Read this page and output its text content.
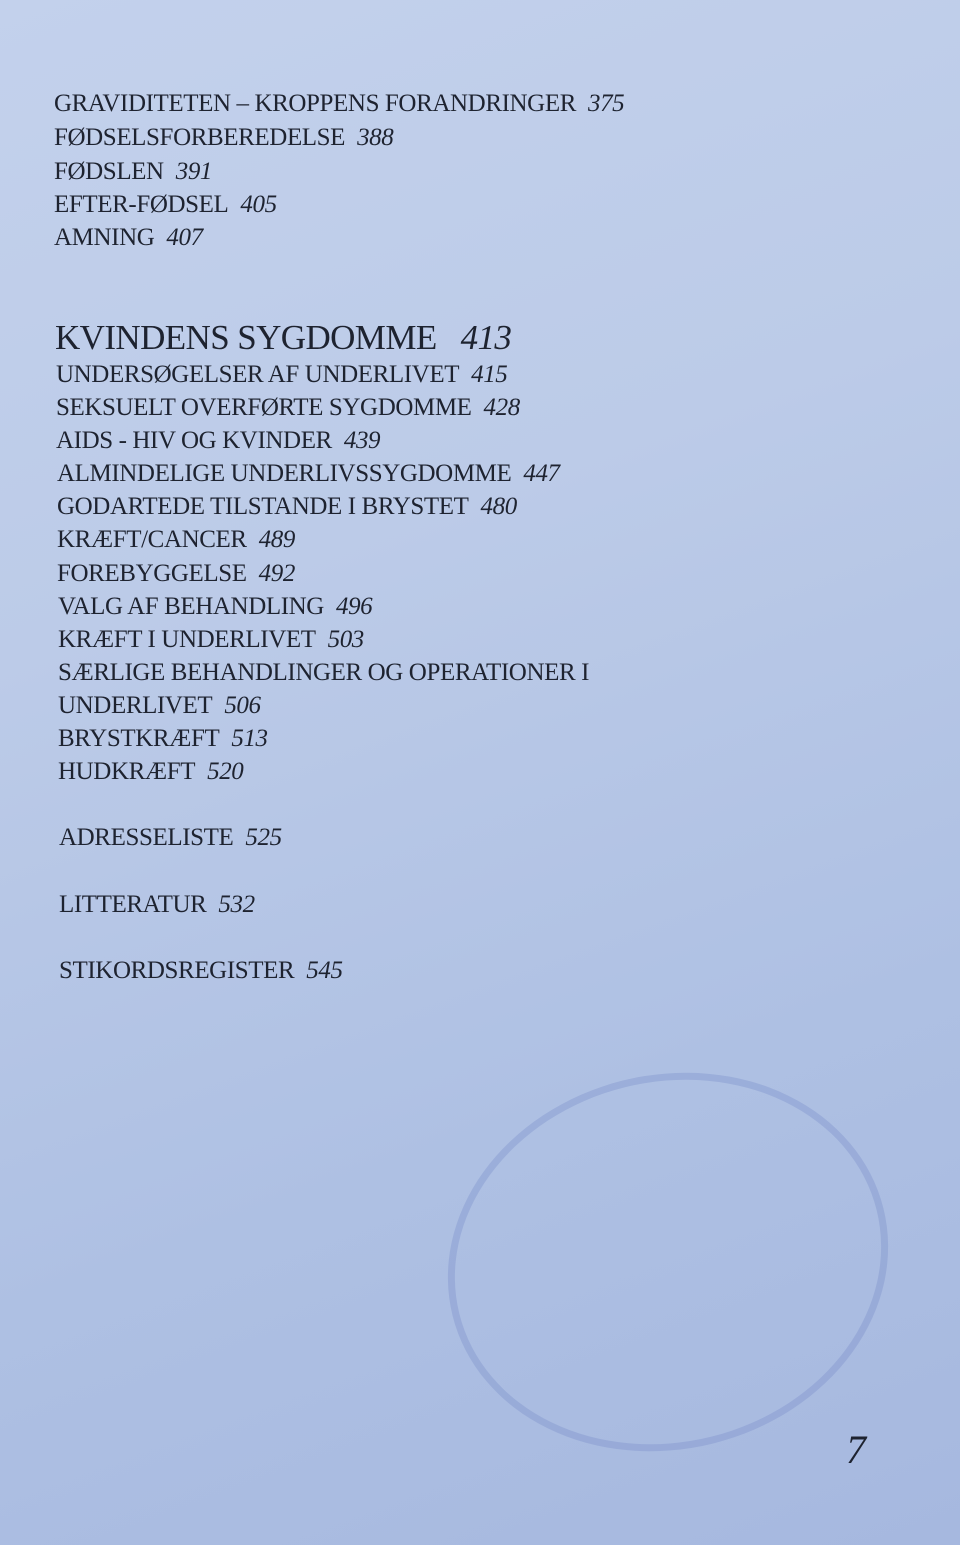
GRAVIDITETEN – KROPPENS FORANDRINGER 375
FØDSELSFORBEREDELSE 388
FØDSLEN 391
EFTER-FØDSEL 405
AMNING 407
KVINDENS SYGDOMME 413
UNDERSØGELSER AF UNDERLIVET 415
SEKSUELT OVERFØRTE SYGDOMME 428
AIDS - HIV OG KVINDER 439
ALMINDELIGE UNDERLIVSSYGDOMME 447
GODARTEDE TILSTANDE I BRYSTET 480
KRÆFT/CANCER 489
FOREBYGGELSE 492
VALG AF BEHANDLING 496
KRÆFT I UNDERLIVET 503
SÆRLIGE BEHANDLINGER OG OPERATIONER I
UNDERLIVET 506
BRYSTKRÆFT 513
HUDKRÆFT 520
ADRESSELISTE 525
LITTERATUR 532
STIKORDSREGISTER 545
7
